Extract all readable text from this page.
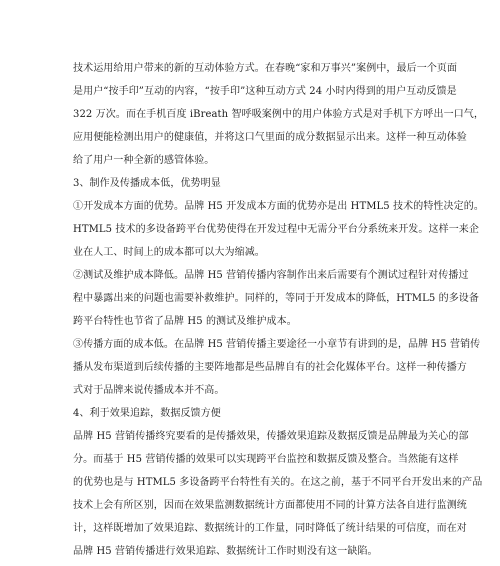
技术运用给用户带来的新的互动体验方式。在春晚“家和万事兴”案例中，最后一个页面
是用户“按手印”互动的内容，“按手印”这种互动方式 24 小时内得到的用户互动反馈是
322 万次。而在手机百度 iBreath 智呼吸案例中的用户体验方式是对手机下方呼出一口气，
应用便能检测出用户的健康值，并将这口气里面的成分数据显示出来。这样一种互动体验
给了用户一种全新的感管体验。
3、制作及传播成本低，优势明显
①开发成本方面的优势。品牌 H5 开发成本方面的优势亦是出 HTML5 技术的特性决定的。
HTML5 技术的多设备跨平台优势使得在开发过程中无需分平台分系统来开发。这样一来企
业在人工、时间上的成本都可以大为缩减。
②测试及维护成本降低。品牌 H5 营销传播内容制作出来后需要有个测试过程针对传播过
程中暴露出来的问题也需要补救维护。同样的，等同于开发成本的降低，HTML5 的多设备
跨平台特性也节省了品牌 H5 的测试及维护成本。
③传播方面的成本低。在品牌 H5 营销传播主要途径一小章节有讲到的是，品牌 H5 营销传
播从发布渠道到后续传播的主要阵地都是些品牌自有的社会化媒体平台。这样一种传播方
式对于品牌来说传播成本并不高。
4、利于效果追踪，数据反馈方便
品牌 H5 营销传播终究要看的是传播效果，传播效果追踪及数据反馈是品牌最为关心的部
分。而基于 H5 营销传播的效果可以实现跨平台监控和数据反馈及整合。当然能有这样
的优势也是与 HTML5 多设备跨平台特性有关的。在这之前，基于不同平台开发出来的产品
技术上会有所区别，因而在效果监测数据统计方面都使用不同的计算方法各自进行监测统
计，这样既增加了效果追踪、数据统计的工作量，同时降低了统计结果的可信度，而在对
品牌 H5 营销传播进行效果追踪、数据统计工作时则没有这一缺陷。
